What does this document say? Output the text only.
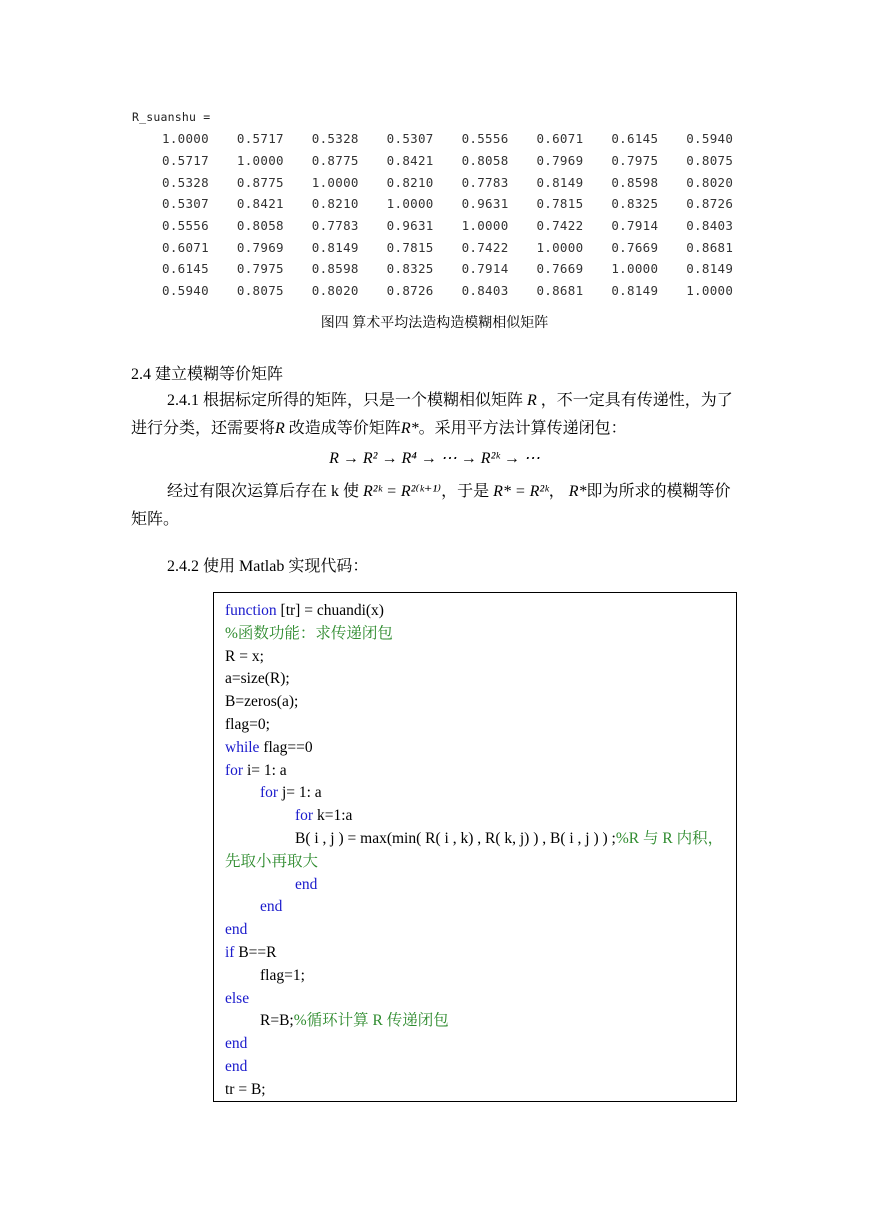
R_suanshu =
1.0000	0.5717	0.5328	0.5307	0.5556	0.6071	0.6145	0.5940
0.5717	1.0000	0.8775	0.8421	0.8058	0.7969	0.7975	0.8075
0.5328	0.8775	1.0000	0.8210	0.7783	0.8149	0.8598	0.8020
0.5307	0.8421	0.8210	1.0000	0.9631	0.7815	0.8325	0.8726
0.5556	0.8058	0.7783	0.9631	1.0000	0.7422	0.7914	0.8403
0.6071	0.7969	0.8149	0.7815	0.7422	1.0000	0.7669	0.8681
0.6145	0.7975	0.8598	0.8325	0.7914	0.7669	1.0000	0.8149
0.5940	0.8075	0.8020	0.8726	0.8403	0.8681	0.8149	1.0000
图四 算术平均法造构造模糊相似矩阵
2.4 建立模糊等价矩阵
2.4.1 根据标定所得的矩阵，只是一个模糊相似矩阵 R ，不一定具有传递性，为了进行分类，还需要将R 改造成等价矩阵R*。采用平方法计算传递闭包：
R → R² → R⁴ → ⋯ → R²ᵏ → ⋯
经过有限次运算后存在 k 使 R²ᵏ = R²⁽ᵏ⁺¹⁾，于是 R* = R²ᵏ， R*即为所求的模糊等价矩阵。
2.4.2 使用 Matlab 实现代码：
function [tr] = chuandi(x)
%函数功能：求传递闭包
R = x;
a=size(R);
B=zeros(a);
flag=0;
while flag==0
for i= 1: a
for j= 1: a
for k=1:a
B( i , j ) = max(min( R( i , k) , R( k, j) ) , B( i , j ) ) ;%R 与 R 内积，先取小再取大
end
end
end
if B==R
flag=1;
else
R=B;%循环计算 R 传递闭包
end
end
tr = B;
